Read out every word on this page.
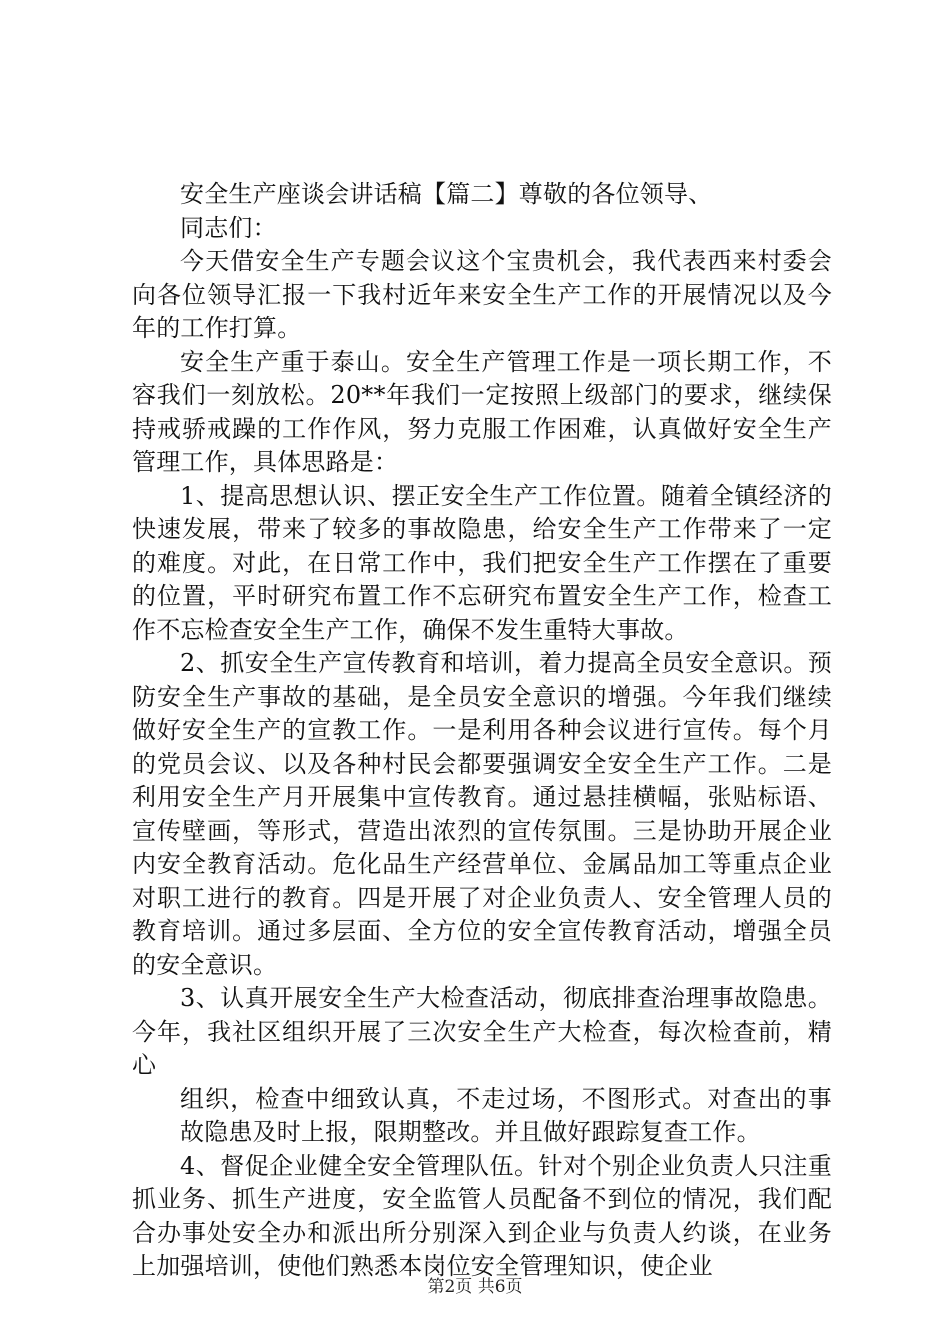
安全生产座谈会讲话稿【篇二】尊敬的各位领导、

同志们：

今天借安全生产专题会议这个宝贵机会，我代表西来村委会向各位领导汇报一下我村近年来安全生产工作的开展情况以及今年的工作打算。

安全生产重于泰山。安全生产管理工作是一项长期工作，不容我们一刻放松。20**年我们一定按照上级部门的要求，继续保持戒骄戒躁的工作作风，努力克服工作困难，认真做好安全生产管理工作，具体思路是：

1、提高思想认识、摆正安全生产工作位置。随着全镇经济的快速发展，带来了较多的事故隐患，给安全生产工作带来了一定的难度。对此，在日常工作中，我们把安全生产工作摆在了重要的位置，平时研究布置工作不忘研究布置安全生产工作，检查工作不忘检查安全生产工作，确保不发生重特大事故。

2、抓安全生产宣传教育和培训，着力提高全员安全意识。预防安全生产事故的基础，是全员安全意识的增强。今年我们继续做好安全生产的宣教工作。一是利用各种会议进行宣传。每个月的党员会议、以及各种村民会都要强调安全安全生产工作。二是利用安全生产月开展集中宣传教育。通过悬挂横幅，张贴标语、宣传壁画，等形式，营造出浓烈的宣传氛围。三是协助开展企业内安全教育活动。危化品生产经营单位、金属品加工等重点企业对职工进行的教育。四是开展了对企业负责人、安全管理人员的教育培训。通过多层面、全方位的安全宣传教育活动，增强全员的安全意识。

3、认真开展安全生产大检查活动，彻底排查治理事故隐患。今年，我社区组织开展了三次安全生产大检查，每次检查前，精心

组织，检查中细致认真，不走过场，不图形式。对查出的事故隐患及时上报，限期整改。并且做好跟踪复查工作。

4、督促企业健全安全管理队伍。针对个别企业负责人只注重抓业务、抓生产进度，安全监管人员配备不到位的情况，我们配合办事处安全办和派出所分别深入到企业与负责人约谈，在业务上加强培训，使他们熟悉本岗位安全管理知识，使企业

第2页 共6页
